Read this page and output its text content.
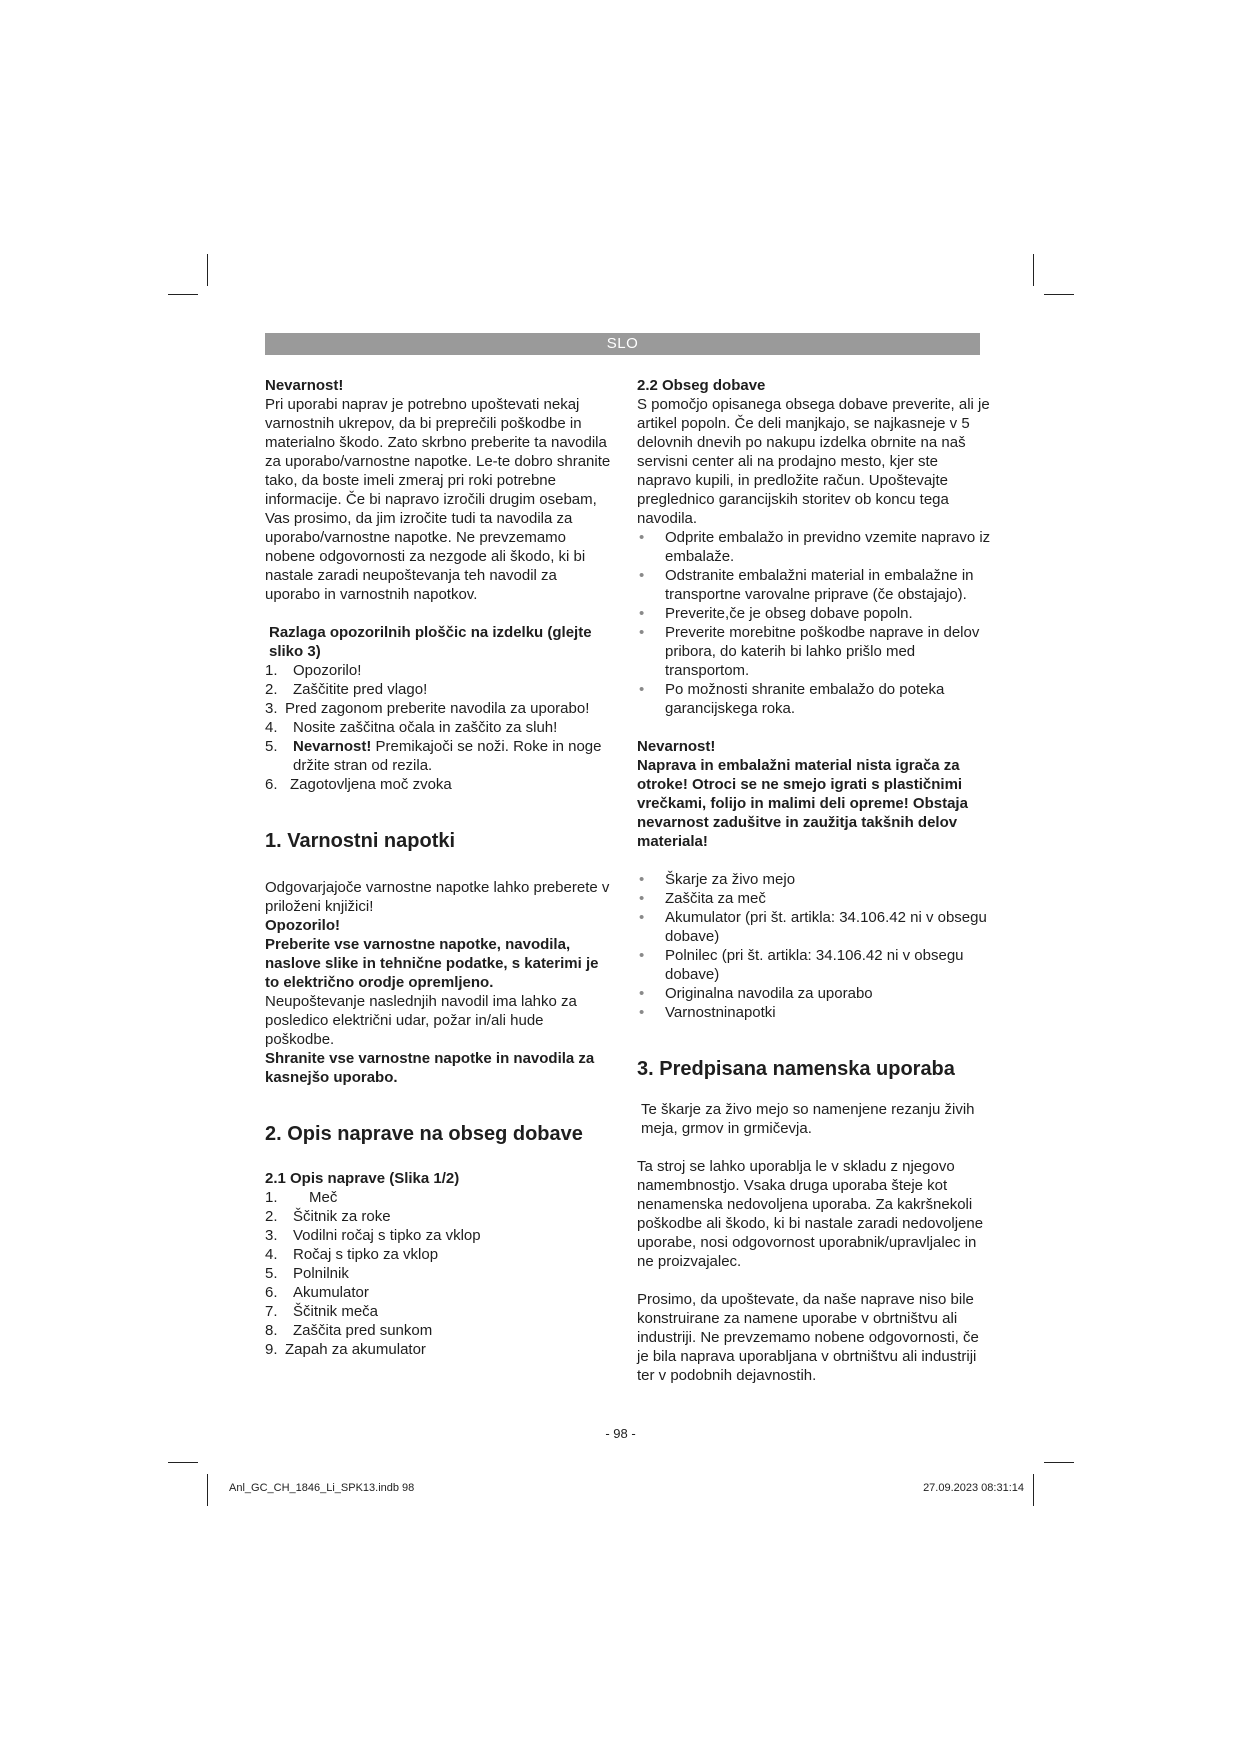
SLO

Nevarnost!

Pri uporabi naprav je potrebno upoštevati nekaj varnostnih ukrepov, da bi preprečili poškodbe in materialno škodo. Zato skrbno preberite ta navodila za uporabo/varnostne napotke. Le-te dobro shranite tako, da boste imeli zmeraj pri roki potrebne informacije. Če bi napravo izročili drugim osebam, Vas prosimo, da jim izročite tudi ta navodila za uporabo/varnostne napotke. Ne prevzemamo nobene odgovornosti za nezgode ali škodo, ki bi nastale zaradi neupoštevanja teh navodil za uporabo in varnostnih napotkov.

Razlaga opozorilnih ploščic na izdelku (glejte sliko 3)

1. Opozorilo!
2. Zaščitite pred vlago!
3. Pred zagonom preberite navodila za uporabo!
4. Nosite zaščitna očala in zaščito za sluh!
5. Nevarnost! Premikajoči se noži. Roke in noge držite stran od rezila.
6. Zagotovljena moč zvoka

1. Varnostni napotki

Odgovarjajoče varnostne napotke lahko preberete v priloženi knjižici!

Opozorilo!

Preberite vse varnostne napotke, navodila, naslove slike in tehnične podatke, s katerimi je to električno orodje opremljeno.

Neupoštevanje naslednjih navodil ima lahko za posledico električni udar, požar in/ali hude poškodbe.

Shranite vse varnostne napotke in navodila za kasnejšo uporabo.

2. Opis naprave na obseg dobave

2.1 Opis naprave (Slika 1/2)

1. Meč
2. Ščitnik za roke
3. Vodilni ročaj s tipko za vklop
4. Ročaj s tipko za vklop
5. Polnilnik
6. Akumulator
7. Ščitnik meča
8. Zaščita pred sunkom
9. Zapah za akumulator

2.2 Obseg dobave

S pomočjo opisanega obsega dobave preverite, ali je artikel popoln. Če deli manjkajo, se najkasneje v 5 delovnih dnevih po nakupu izdelka obrnite na naš servisni center ali na prodajno mesto, kjer ste napravo kupili, in predložite račun. Upoštevajte preglednico garancijskih storitev ob koncu tega navodila.

• Odprite embalažo in previdno vzemite napravo iz embalaže.
• Odstranite embalažni material in embalažne in transportne varovalne priprave (če obstajajo).
• Preverite,če je obseg dobave popoln.
• Preverite morebitne poškodbe naprave in delov pribora, do katerih bi lahko prišlo med transportom.
• Po možnosti shranite embalažo do poteka garancijskega roka.

Nevarnost!

Naprava in embalažni material nista igrača za otroke! Otroci se ne smejo igrati s plastičnimi vrečkami, folijo in malimi deli opreme! Obstaja nevarnost zadušitve in zaužitja takšnih delov materiala!

• Škarje za živo mejo
• Zaščita za meč
• Akumulator (pri št. artikla: 34.106.42 ni v obsegu dobave)
• Polnilec (pri št. artikla: 34.106.42 ni v obsegu dobave)
• Originalna navodila za uporabo
• Varnostninapotki

3. Predpisana namenska uporaba

Te škarje za živo mejo so namenjene rezanju živih meja, grmov in grmičevja.

Ta stroj se lahko uporablja le v skladu z njegovo namembnostjo. Vsaka druga uporaba šteje kot nenamenska nedovoljena uporaba. Za kakršnekoli poškodbe ali škodo, ki bi nastale zaradi nedovoljene uporabe, nosi odgovornost uporabnik/upravljalec in ne proizvajalec.

Prosimo, da upoštevate, da naše naprave niso bile konstruirane za namene uporabe v obrtništvu ali industriji. Ne prevzemamo nobene odgovornosti, če je bila naprava uporabljana v obrtništvu ali industriji ter v podobnih dejavnostih.

- 98 -
Anl_GC_CH_1846_Li_SPK13.indb 98	27.09.2023 08:31:14
